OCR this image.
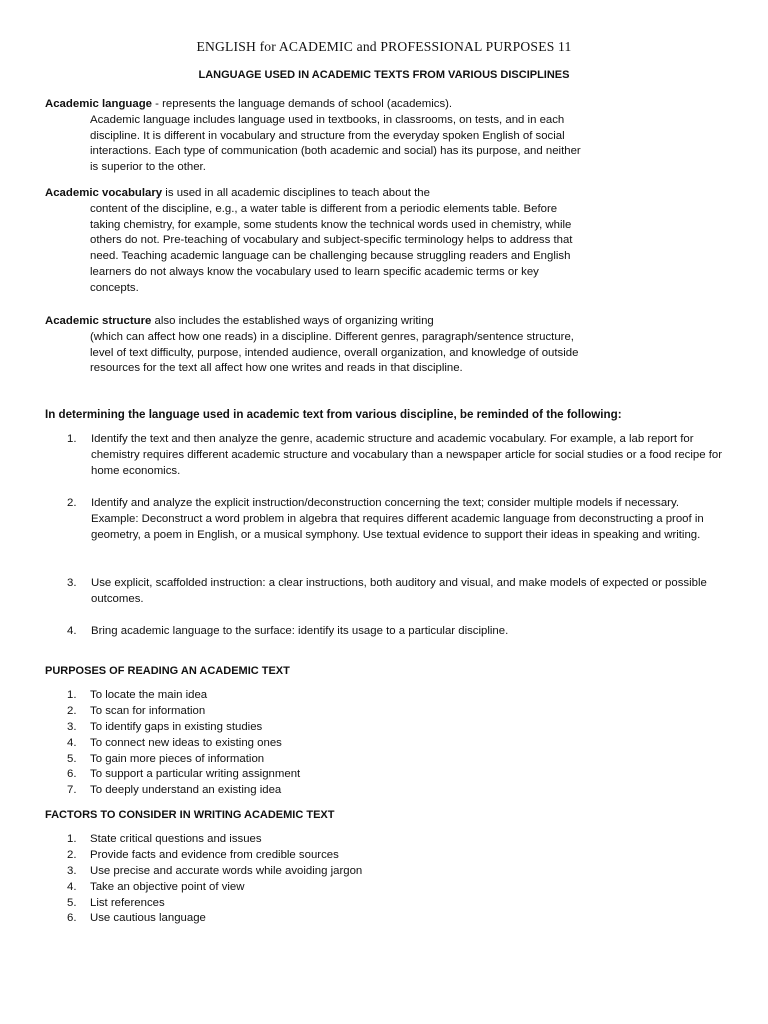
ENGLISH for ACADEMIC and PROFESSIONAL PURPOSES 11
LANGUAGE USED IN ACADEMIC TEXTS FROM VARIOUS DISCIPLINES
Academic language - represents the language demands of school (academics).
Academic language includes language used in textbooks, in classrooms, on tests, and in each discipline. It is different in vocabulary and structure from the everyday spoken English of social interactions. Each type of communication (both academic and social) has its purpose, and neither is superior to the other.
Academic vocabulary is used in all academic disciplines to teach about the
content of the discipline, e.g., a water table is different from a periodic elements table. Before taking chemistry, for example, some students know the technical words used in chemistry, while others do not. Pre-teaching of vocabulary and subject-specific terminology helps to address that need. Teaching academic language can be challenging because struggling readers and English learners do not always know the vocabulary used to learn specific academic terms or key concepts.
Academic structure also includes the established ways of organizing writing
(which can affect how one reads) in a discipline. Different genres, paragraph/sentence structure, level of text difficulty, purpose, intended audience, overall organization, and knowledge of outside resources for the text all affect how one writes and reads in that discipline.
In determining the language used in academic text from various discipline, be reminded of the following:
1.	Identify the text and then analyze the genre, academic structure and academic vocabulary. For example, a lab report for chemistry requires different academic structure and vocabulary than a newspaper article for social studies or a food recipe for home economics.
2.	Identify and analyze the explicit instruction/deconstruction concerning the text; consider multiple models if necessary. Example: Deconstruct a word problem in algebra that requires different academic language from deconstructing a proof in geometry, a poem in English, or a musical symphony. Use textual evidence to support their ideas in speaking and writing.
3.	Use explicit, scaffolded instruction: a clear instructions, both auditory and visual, and make models of expected or possible outcomes.
4.	Bring academic language to the surface: identify its usage to a particular discipline.
PURPOSES OF READING AN ACADEMIC TEXT
1. To locate the main idea
2. To scan for information
3. To identify gaps in existing studies
4. To connect new ideas to existing ones
5. To gain more pieces of information
6. To support a particular writing assignment
7. To deeply understand an existing idea
FACTORS TO CONSIDER IN WRITING ACADEMIC TEXT
1. State critical questions and issues
2. Provide facts and evidence from credible sources
3. Use precise and accurate words while avoiding jargon
4. Take an objective point of view
5. List references
6. Use cautious language
